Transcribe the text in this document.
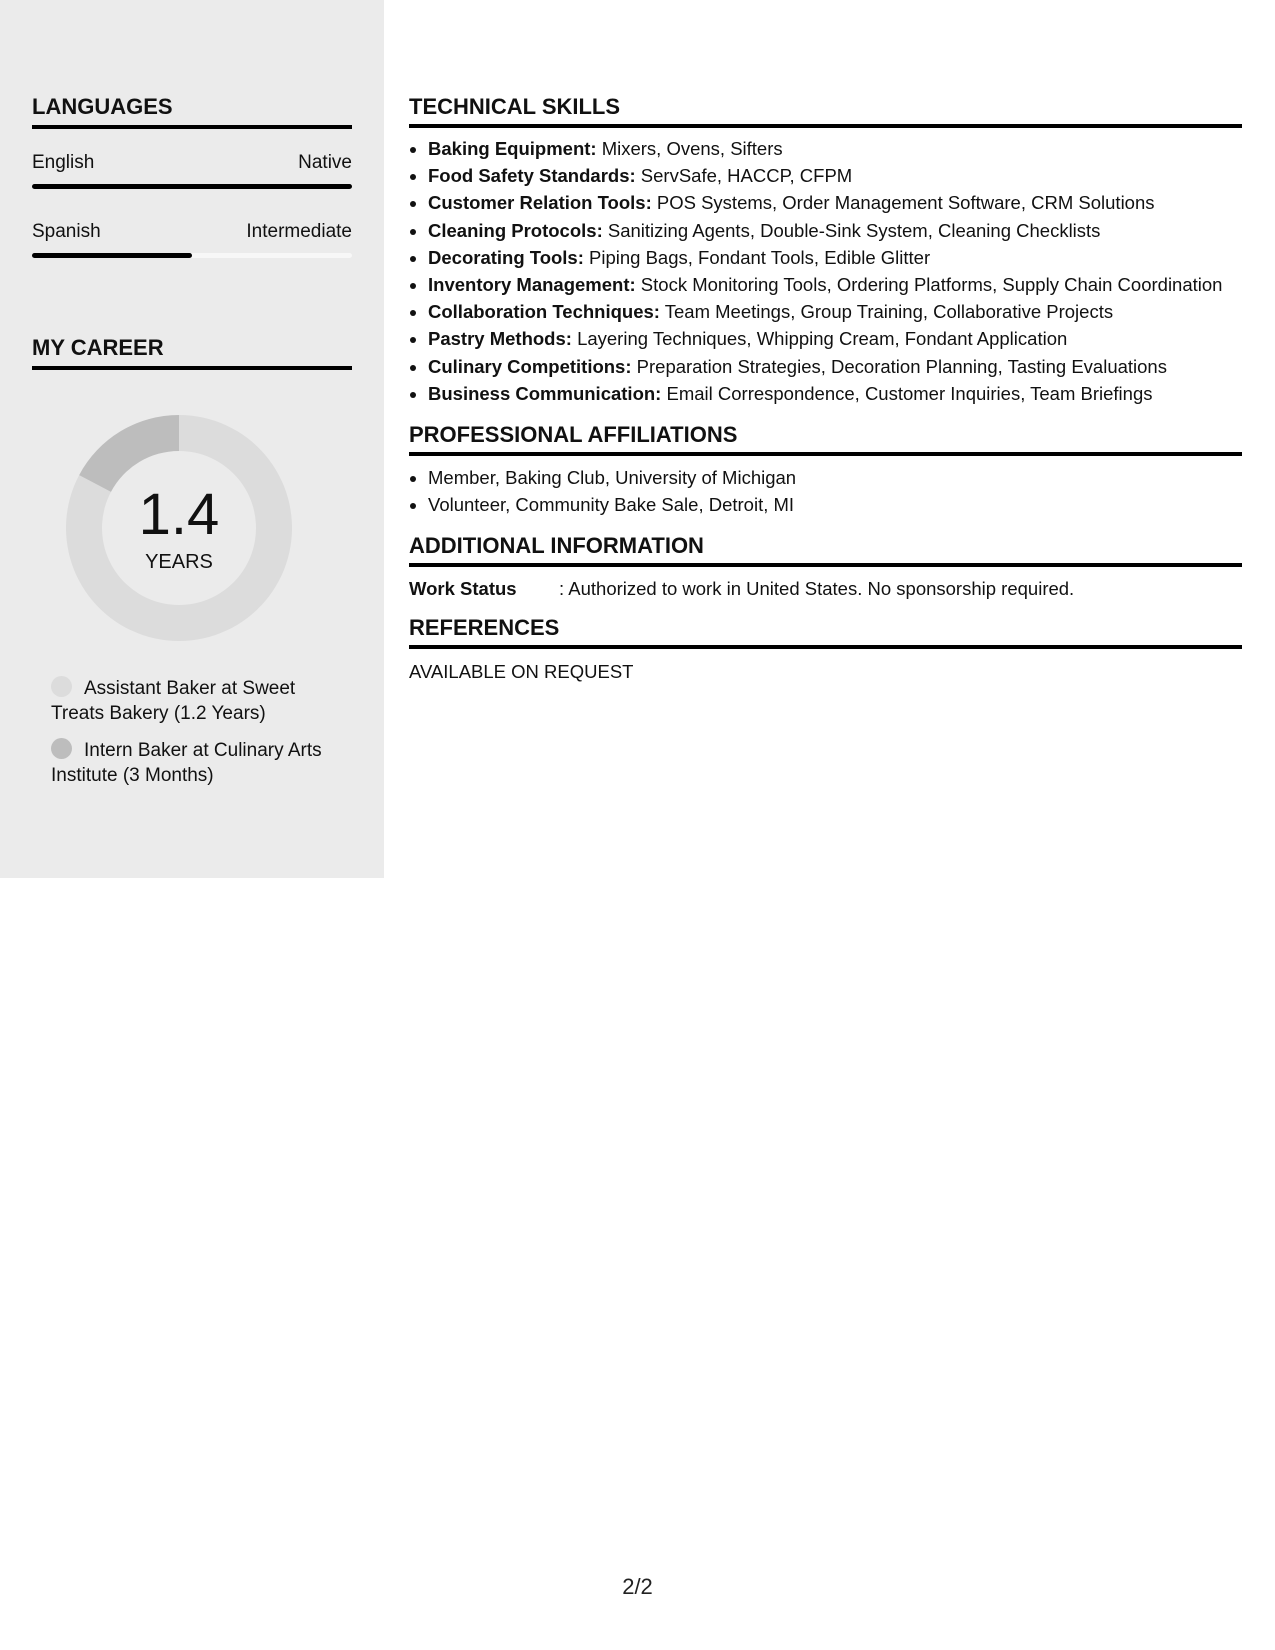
LANGUAGES
English	Native
Spanish	Intermediate
MY CAREER
1.4
YEARS
Assistant Baker at Sweet Treats Bakery (1.2 Years)
Intern Baker at Culinary Arts Institute (3 Months)
TECHNICAL SKILLS
• Baking Equipment: Mixers, Ovens, Sifters
• Food Safety Standards: ServSafe, HACCP, CFPM
• Customer Relation Tools: POS Systems, Order Management Software, CRM Solutions
• Cleaning Protocols: Sanitizing Agents, Double-Sink System, Cleaning Checklists
• Decorating Tools: Piping Bags, Fondant Tools, Edible Glitter
• Inventory Management: Stock Monitoring Tools, Ordering Platforms, Supply Chain Coordination
• Collaboration Techniques: Team Meetings, Group Training, Collaborative Projects
• Pastry Methods: Layering Techniques, Whipping Cream, Fondant Application
• Culinary Competitions: Preparation Strategies, Decoration Planning, Tasting Evaluations
• Business Communication: Email Correspondence, Customer Inquiries, Team Briefings
PROFESSIONAL AFFILIATIONS
• Member, Baking Club, University of Michigan
• Volunteer, Community Bake Sale, Detroit, MI
ADDITIONAL INFORMATION
Work Status : Authorized to work in United States. No sponsorship required.
REFERENCES
AVAILABLE ON REQUEST
2/2
